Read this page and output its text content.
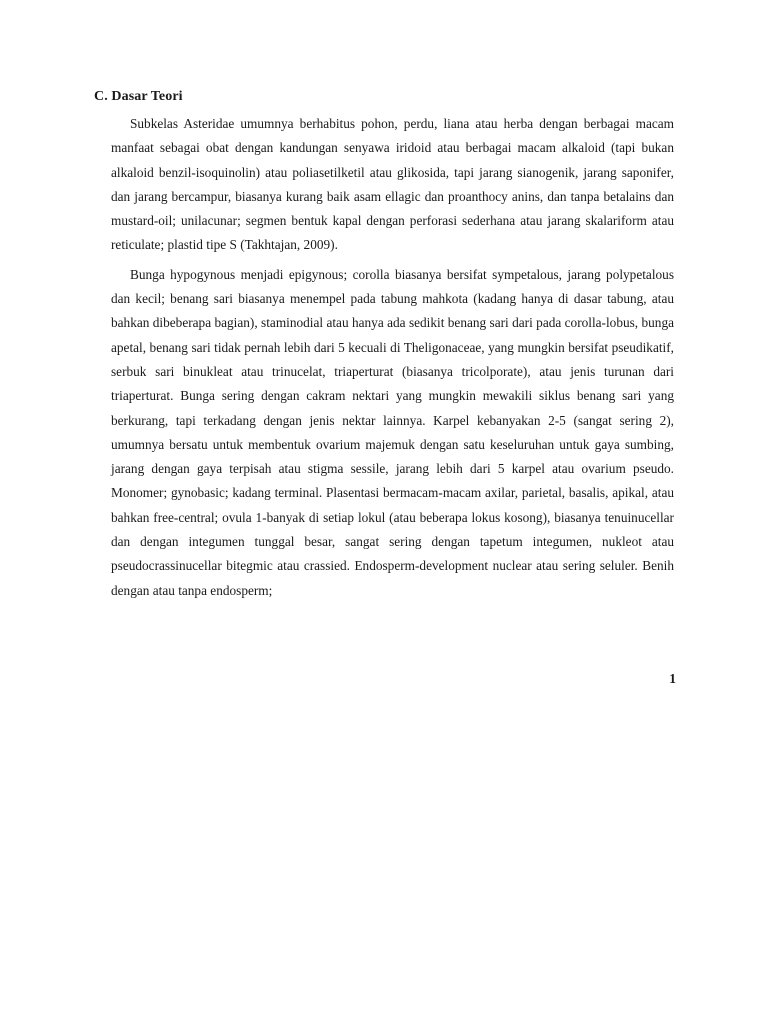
C. Dasar Teori

Subkelas Asteridae umumnya berhabitus pohon, perdu, liana atau herba dengan berbagai macam manfaat sebagai obat dengan kandungan senyawa iridoid atau berbagai macam alkaloid (tapi bukan alkaloid benzil-isoquinolin) atau poliasetilketil atau glikosida, tapi jarang sianogenik, jarang saponifer, dan jarang bercampur, biasanya kurang baik asam ellagic dan proanthocy anins, dan tanpa betalains dan mustard-oil; unilacunar; segmen bentuk kapal dengan perforasi sederhana atau jarang skalariform atau reticulate; plastid tipe S (Takhtajan, 2009).

Bunga hypogynous menjadi epigynous; corolla biasanya bersifat sympetalous, jarang polypetalous dan kecil; benang sari biasanya menempel pada tabung mahkota (kadang hanya di dasar tabung, atau bahkan dibeberapa bagian), staminodial atau hanya ada sedikit benang sari dari pada corolla-lobus, bunga apetal, benang sari tidak pernah lebih dari 5 kecuali di Theligonaceae, yang mungkin bersifat pseudikatif, serbuk sari binukleat atau trinucelat, triaperturat (biasanya tricolporate), atau jenis turunan dari triaperturat. Bunga sering dengan cakram nektari yang mungkin mewakili siklus benang sari yang berkurang, tapi terkadang dengan jenis nektar lainnya. Karpel kebanyakan 2-5 (sangat sering 2), umumnya bersatu untuk membentuk ovarium majemuk dengan satu keseluruhan untuk gaya sumbing, jarang dengan gaya terpisah atau stigma sessile, jarang lebih dari 5 karpel atau ovarium pseudo. Monomer; gynobasic; kadang terminal. Plasentasi bermacam-macam axilar, parietal, basalis, apikal, atau bahkan free-central; ovula 1-banyak di setiap lokul (atau beberapa lokus kosong), biasanya tenuinucellar dan dengan integumen tunggal besar, sangat sering dengan tapetum integumen, nukleot atau pseudocrassinucellar bitegmic atau crassied. Endosperm-development nuclear atau sering seluler. Benih dengan atau tanpa endosperm;

1
